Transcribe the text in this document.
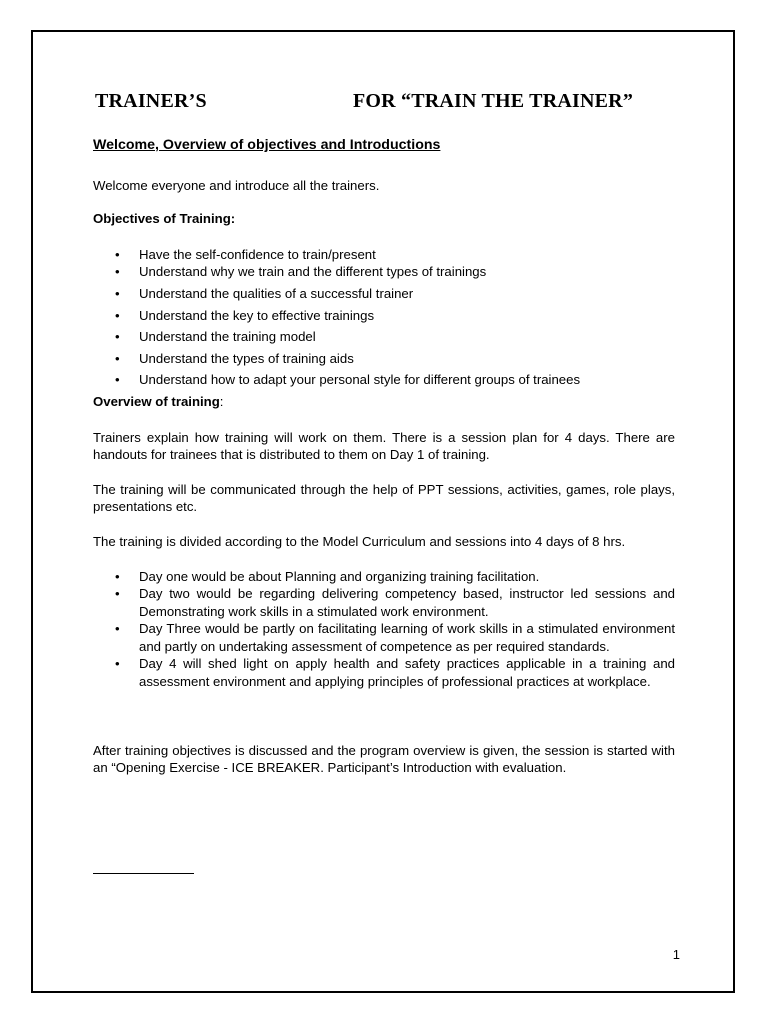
TRAINER’S	FOR “TRAIN THE TRAINER”

Welcome, Overview of objectives and Introductions

Welcome everyone and introduce all the trainers.

Objectives of Training:

• Have the self-confidence to train/present
• Understand why we train and the different types of trainings
• Understand the qualities of a successful trainer
• Understand the key to effective trainings
• Understand the training model
• Understand the types of training aids
• Understand how to adapt your personal style for different groups of trainees

Overview of training:

Trainers explain how training will work on them. There is a session plan for 4 days. There are handouts for trainees that is distributed to them on Day 1 of training.

The training will be communicated through the help of PPT sessions, activities, games, role plays, presentations etc.

The training is divided according to the Model Curriculum and sessions into 4 days of 8 hrs.

• Day one would be about Planning and organizing training facilitation.
• Day two would be regarding delivering competency based, instructor led sessions and Demonstrating work skills in a stimulated work environment.
• Day Three would be partly on facilitating learning of work skills in a stimulated environment and partly on undertaking assessment of competence as per required standards.
• Day 4 will shed light on apply health and safety practices applicable in a training and assessment environment and applying principles of professional practices at workplace.

After training objectives is discussed and the program overview is given, the session is started with an “Opening Exercise - ICE BREAKER. Participant’s Introduction with evaluation.

1
